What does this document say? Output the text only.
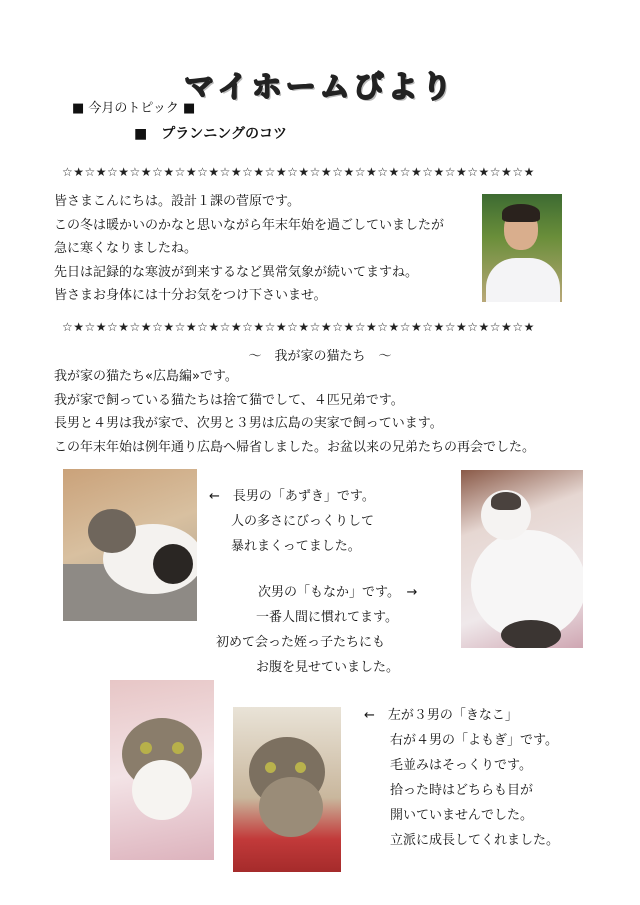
マイホームびより
■ 今月のトピック ■
■　プランニングのコツ
☆★☆★☆★☆★☆★☆★☆★☆★☆★☆★☆★☆★☆★☆★☆★☆★☆★☆★☆★☆★☆★
皆さまこんにちは。設計１課の菅原です。
この冬は暖かいのかなと思いながら年末年始を過ごしていましたが
急に寒くなりましたね。
先日は記録的な寒波が到来するなど異常気象が続いてますね。
皆さまお身体には十分お気をつけ下さいませ。
☆★☆★☆★☆★☆★☆★☆★☆★☆★☆★☆★☆★☆★☆★☆★☆★☆★☆★☆★☆★☆★
～　我が家の猫たち　～
我が家の猫たち«広島編»です。
我が家で飼っている猫たちは捨て猫でして、４匹兄弟です。
長男と４男は我が家で、次男と３男は広島の実家で飼っています。
この年末年始は例年通り広島へ帰省しました。お盆以来の兄弟たちの再会でした。
←　 長男の「あずき」です。
人の多さにびっくりして
暴れまくってました。
次男の「もなか」です。　 →
一番人間に慣れてます。
初めて会った姪っ子たちにも
お腹を見せていました。
←　 左が３男の「きなこ」
右が４男の「よもぎ」です。
毛並みはそっくりです。
拾った時はどちらも目が
開いていませんでした。
立派に成長してくれました。
